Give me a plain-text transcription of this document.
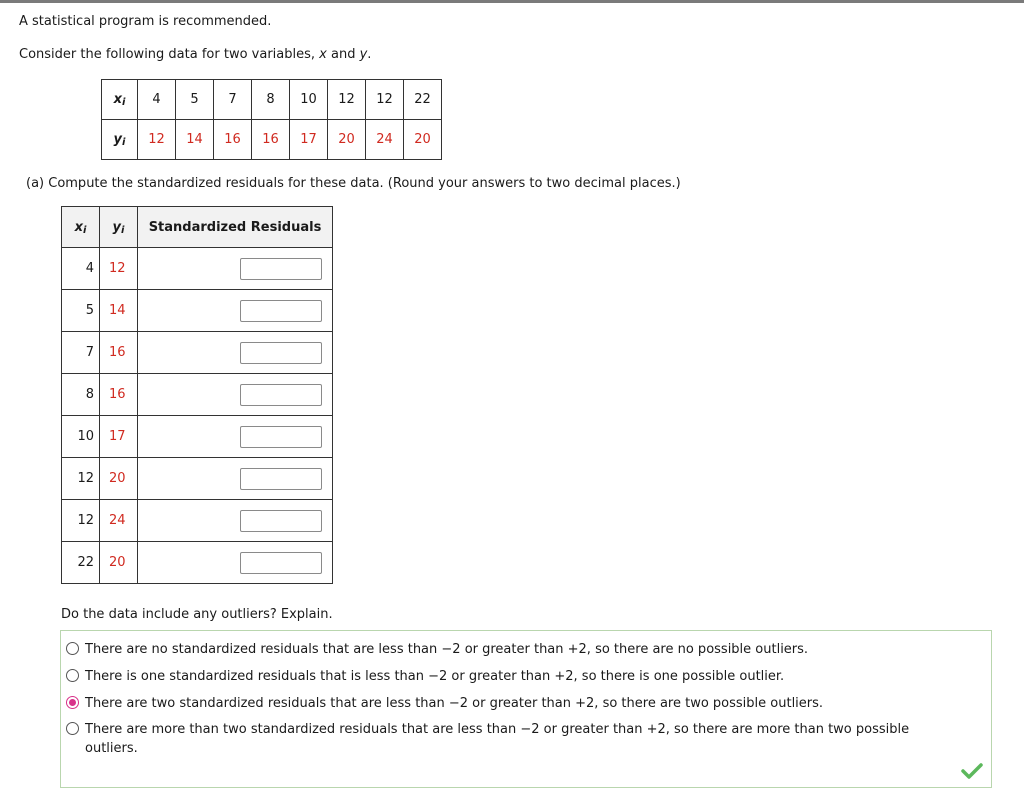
A statistical program is recommended.
Consider the following data for two variables, x and y.
xi	4	5	7	8	10	12	12	22
yi	12	14	16	16	17	20	24	20
(a) Compute the standardized residuals for these data. (Round your answers to two decimal places.)
xi	yi	Standardized Residuals
4	12	
5	14	
7	16	
8	16	
10	17	
12	20	
12	24	
22	20	
Do the data include any outliers? Explain.
There are no standardized residuals that are less than −2 or greater than +2, so there are no possible outliers.
There is one standardized residuals that is less than −2 or greater than +2, so there is one possible outlier.
There are two standardized residuals that are less than −2 or greater than +2, so there are two possible outliers.
There are more than two standardized residuals that are less than −2 or greater than +2, so there are more than two possible outliers.
